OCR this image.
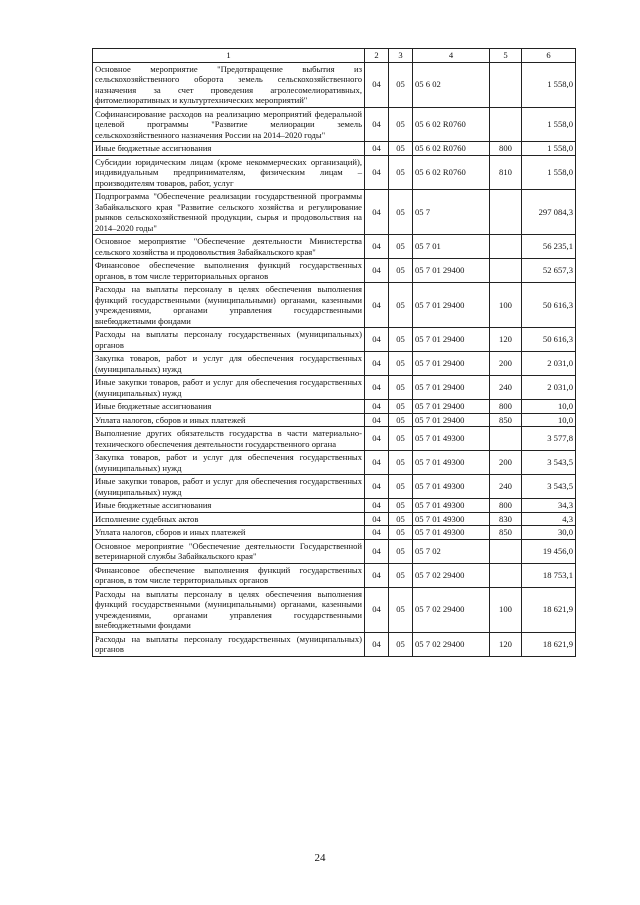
1	2	3	4	5	6
Основное мероприятие "Предотвращение выбытия из сельскохозяйственного оборота земель сельскохозяйственного назначения за счет проведения агролесомелиоративных, фитомелиоративных и культуртехнических мероприятий"	04	05	05 6 02		1 558,0
Софинансирование расходов на реализацию мероприятий федеральной целевой программы "Развитие мелиорации земель сельскохозяйственного назначения России на 2014–2020 годы"	04	05	05 6 02 R0760		1 558,0
Иные бюджетные ассигнования	04	05	05 6 02 R0760	800	1 558,0
Субсидии юридическим лицам (кроме некоммерческих организаций), индивидуальным предпринимателям, физическим лицам – производителям товаров, работ, услуг	04	05	05 6 02 R0760	810	1 558,0
Подпрограмма "Обеспечение реализации государственной программы Забайкальского края "Развитие сельского хозяйства и регулирование рынков сельскохозяйственной продукции, сырья и продовольствия на 2014–2020 годы"	04	05	05 7		297 084,3
Основное мероприятие "Обеспечение деятельности Министерства сельского хозяйства и продовольствия Забайкальского края"	04	05	05 7 01		56 235,1
Финансовое обеспечение выполнения функций государственных органов, в том числе территориальных органов	04	05	05 7 01 29400		52 657,3
Расходы на выплаты персоналу в целях обеспечения выполнения функций государственными (муниципальными) органами, казенными учреждениями, органами управления государственными внебюджетными фондами	04	05	05 7 01 29400	100	50 616,3
Расходы на выплаты персоналу государственных (муниципальных) органов	04	05	05 7 01 29400	120	50 616,3
Закупка товаров, работ и услуг для обеспечения государственных (муниципальных) нужд	04	05	05 7 01 29400	200	2 031,0
Иные закупки товаров, работ и услуг для обеспечения государственных (муниципальных) нужд	04	05	05 7 01 29400	240	2 031,0
Иные бюджетные ассигнования	04	05	05 7 01 29400	800	10,0
Уплата налогов, сборов и иных платежей	04	05	05 7 01 29400	850	10,0
Выполнение других обязательств государства в части материально-технического обеспечения деятельности государственного органа	04	05	05 7 01 49300		3 577,8
Закупка товаров, работ и услуг для обеспечения государственных (муниципальных) нужд	04	05	05 7 01 49300	200	3 543,5
Иные закупки товаров, работ и услуг для обеспечения государственных (муниципальных) нужд	04	05	05 7 01 49300	240	3 543,5
Иные бюджетные ассигнования	04	05	05 7 01 49300	800	34,3
Исполнение судебных актов	04	05	05 7 01 49300	830	4,3
Уплата налогов, сборов и иных платежей	04	05	05 7 01 49300	850	30,0
Основное мероприятие "Обеспечение деятельности Государственной ветеринарной службы Забайкальского края"	04	05	05 7 02		19 456,0
Финансовое обеспечение выполнения функций государственных органов, в том числе территориальных органов	04	05	05 7 02 29400		18 753,1
Расходы на выплаты персоналу в целях обеспечения выполнения функций государственными (муниципальными) органами, казенными учреждениями, органами управления государственными внебюджетными фондами	04	05	05 7 02 29400	100	18 621,9
Расходы на выплаты персоналу государственных (муниципальных) органов	04	05	05 7 02 29400	120	18 621,9
24
